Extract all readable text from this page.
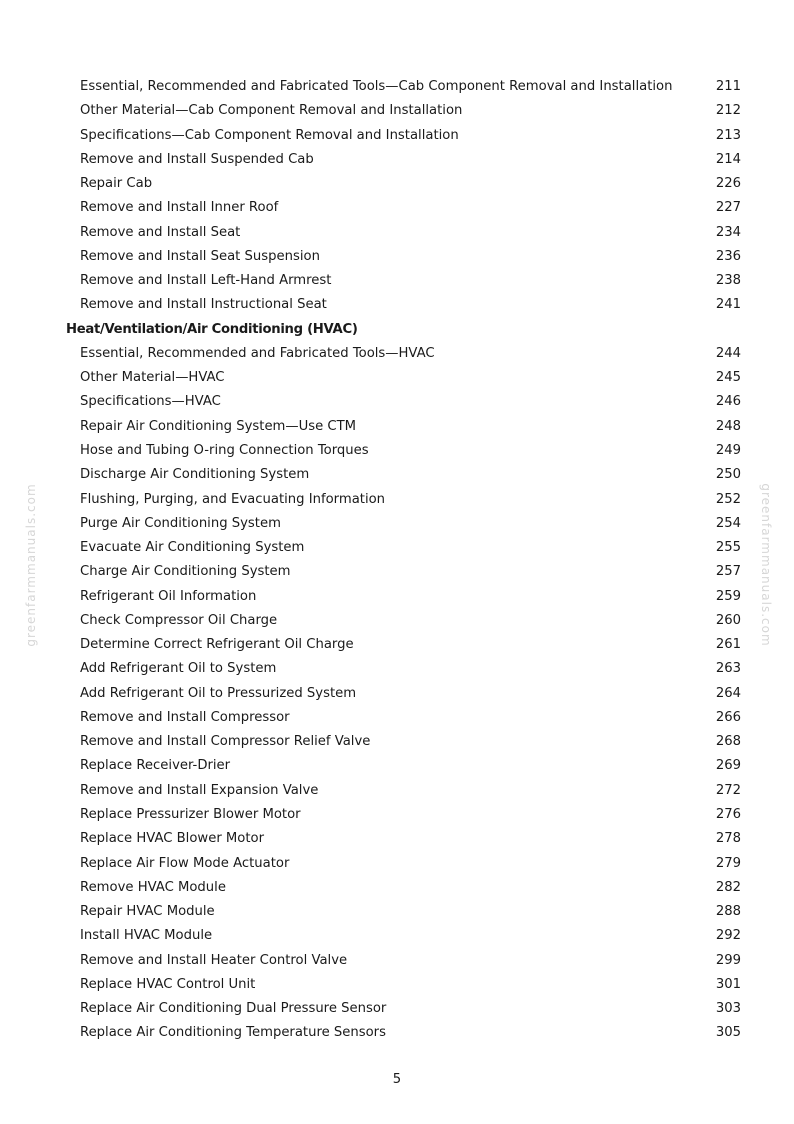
greenfarmmanuals.com	greenfarmmanuals.com
Essential, Recommended and Fabricated Tools—Cab Component Removal and Installation	211
Other Material—Cab Component Removal and Installation	212
Specifications—Cab Component Removal and Installation	213
Remove and Install Suspended Cab	214
Repair Cab	226
Remove and Install Inner Roof	227
Remove and Install Seat	234
Remove and Install Seat Suspension	236
Remove and Install Left-Hand Armrest	238
Remove and Install Instructional Seat	241
Heat/Ventilation/Air Conditioning (HVAC)
Essential, Recommended and Fabricated Tools—HVAC	244
Other Material—HVAC	245
Specifications—HVAC	246
Repair Air Conditioning System—Use CTM	248
Hose and Tubing O-ring Connection Torques	249
Discharge Air Conditioning System	250
Flushing, Purging, and Evacuating Information	252
Purge Air Conditioning System	254
Evacuate Air Conditioning System	255
Charge Air Conditioning System	257
Refrigerant Oil Information	259
Check Compressor Oil Charge	260
Determine Correct Refrigerant Oil Charge	261
Add Refrigerant Oil to System	263
Add Refrigerant Oil to Pressurized System	264
Remove and Install Compressor	266
Remove and Install Compressor Relief Valve	268
Replace Receiver-Drier	269
Remove and Install Expansion Valve	272
Replace Pressurizer Blower Motor	276
Replace HVAC Blower Motor	278
Replace Air Flow Mode Actuator	279
Remove HVAC Module	282
Repair HVAC Module	288
Install HVAC Module	292
Remove and Install Heater Control Valve	299
Replace HVAC Control Unit	301
Replace Air Conditioning Dual Pressure Sensor	303
Replace Air Conditioning Temperature Sensors	305
5
